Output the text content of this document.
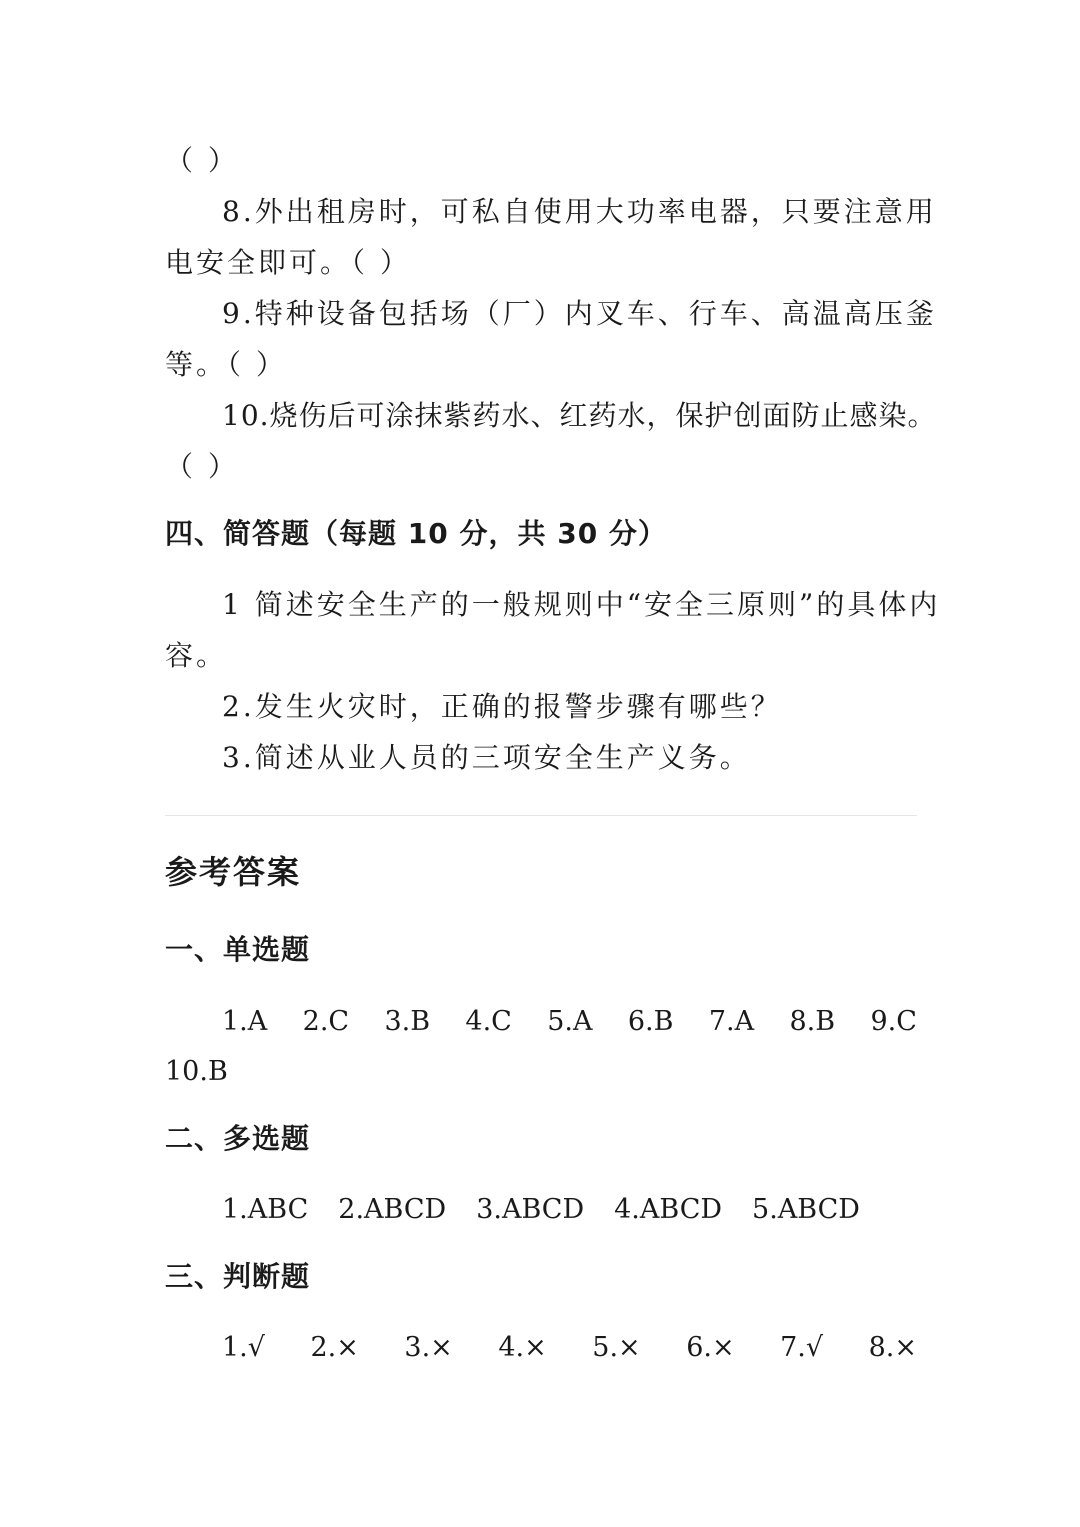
（ ）

8.外出租房时，可私自使用大功率电器，只要注意用

电安全即可。（ ）

9.特种设备包括场（厂）内叉车、行车、高温高压釜

等。（ ）

10.烧伤后可涂抹紫药水、红药水，保护创面防止感染。

（ ）

四、简答题（每题 10 分，共 30 分）

1 简述安全生产的一般规则中“安全三原则”的具体内

容。

2.发生火灾时，正确的报警步骤有哪些？

3.简述从业人员的三项安全生产义务。

参考答案
一、单选题
1.A 2.C 3.B 4.C 5.A 6.B 7.A 8.B 9.C
10.B
二、多选题
1.ABC 2.ABCD 3.ABCD 4.ABCD 5.ABCD
三、判断题
1.√ 2.× 3.× 4.× 5.× 6.× 7.√ 8.×
